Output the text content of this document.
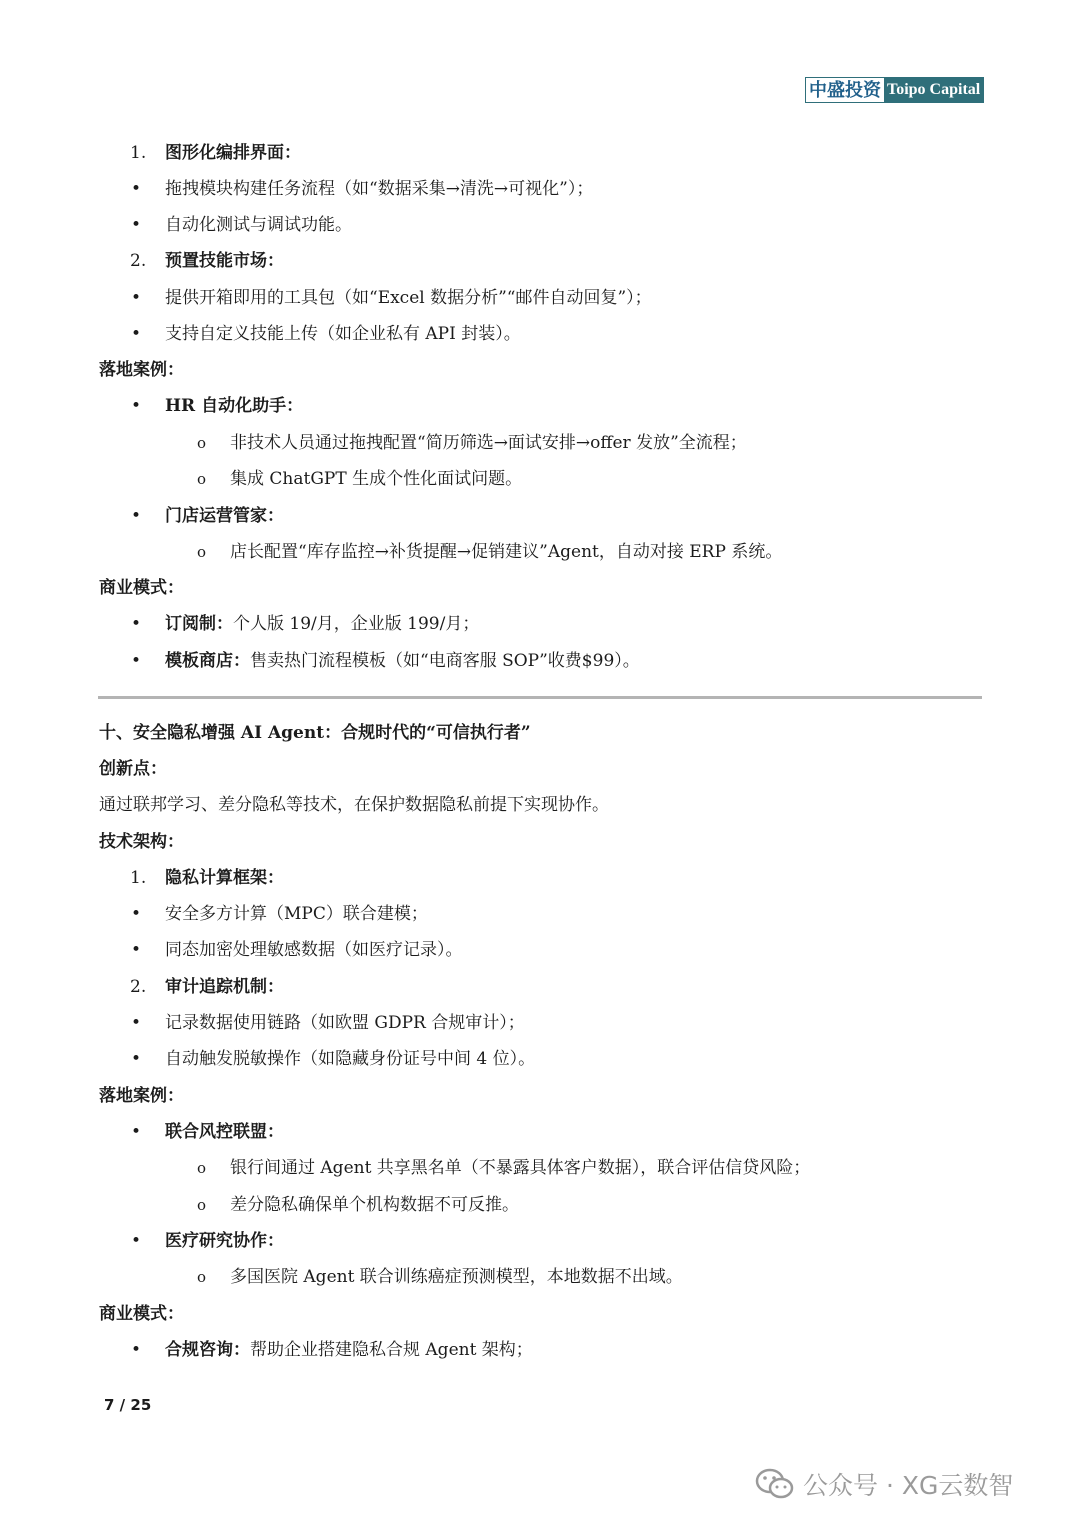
中盛投资 Toipo Capital
1. 图形化编排界面：
• 拖拽模块构建任务流程（如“数据采集→清洗→可视化”）；
• 自动化测试与调试功能。
2. 预置技能市场：
• 提供开箱即用的工具包（如“Excel 数据分析”“邮件自动回复”）；
• 支持自定义技能上传（如企业私有 API 封装）。
落地案例：
• HR 自动化助手：
o 非技术人员通过拖拽配置“简历筛选→面试安排→offer 发放”全流程；
o 集成 ChatGPT 生成个性化面试问题。
• 门店运营管家：
o 店长配置“库存监控→补货提醒→促销建议”Agent，自动对接 ERP 系统。
商业模式：
• 订阅制：个人版 19/月，企业版 199/月；
• 模板商店：售卖热门流程模板（如“电商客服 SOP”收费$99）。
十、安全隐私增强 AI Agent：合规时代的“可信执行者”
创新点：
通过联邦学习、差分隐私等技术，在保护数据隐私前提下实现协作。
技术架构：
1. 隐私计算框架：
• 安全多方计算（MPC）联合建模；
• 同态加密处理敏感数据（如医疗记录）。
2. 审计追踪机制：
• 记录数据使用链路（如欧盟 GDPR 合规审计）；
• 自动触发脱敏操作（如隐藏身份证号中间 4 位）。
落地案例：
• 联合风控联盟：
o 银行间通过 Agent 共享黑名单（不暴露具体客户数据），联合评估信贷风险；
o 差分隐私确保单个机构数据不可反推。
• 医疗研究协作：
o 多国医院 Agent 联合训练癌症预测模型，本地数据不出域。
商业模式：
• 合规咨询：帮助企业搭建隐私合规 Agent 架构；
7 / 25
公众号 · XG云数智
